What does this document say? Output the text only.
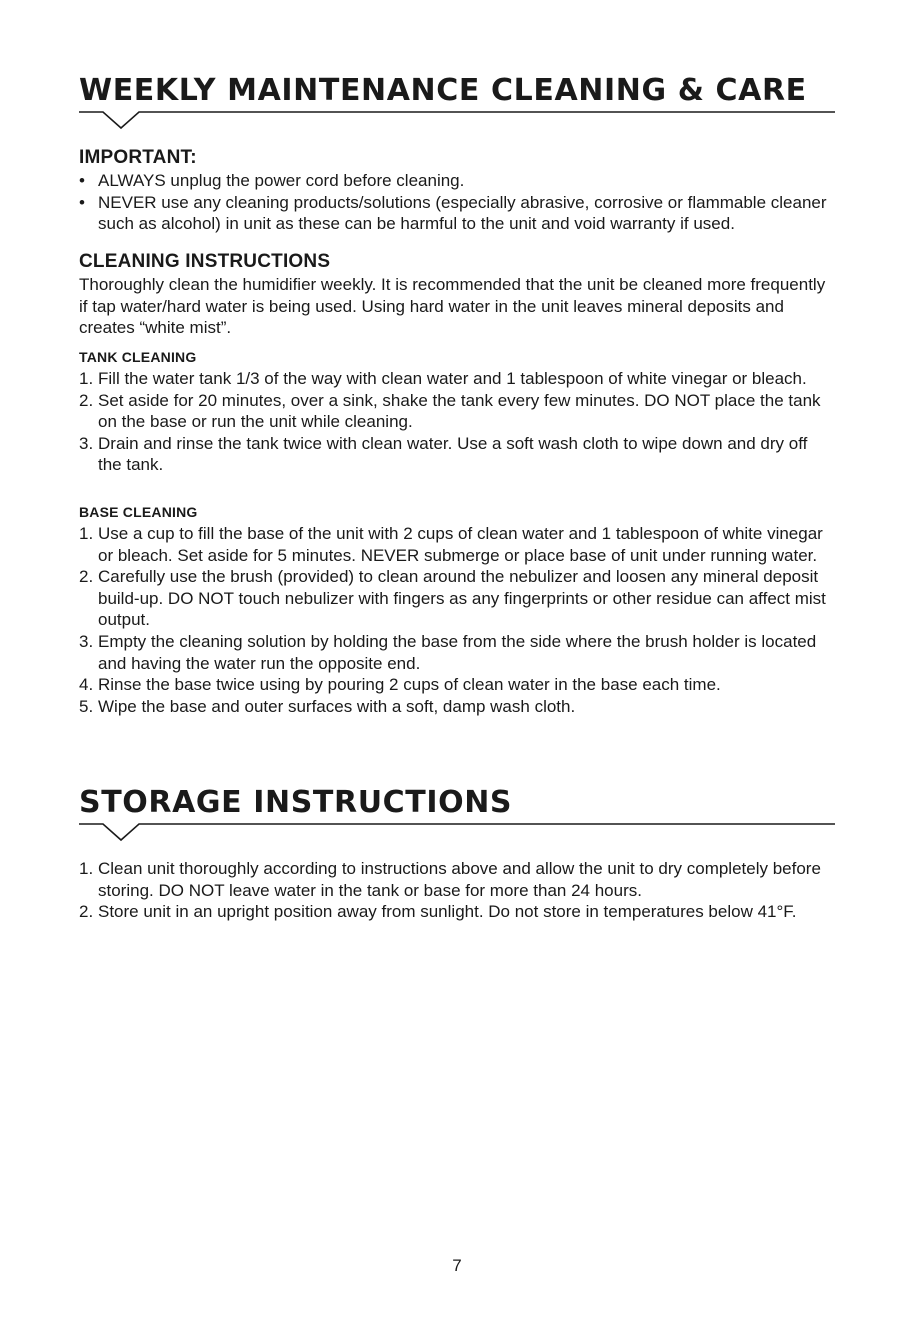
WEEKLY MAINTENANCE CLEANING & CARE
IMPORTANT:
• ALWAYS unplug the power cord before cleaning.
• NEVER use any cleaning products/solutions (especially abrasive, corrosive or flammable cleaner such as alcohol) in unit as these can be harmful to the unit and void warranty if used.
CLEANING INSTRUCTIONS

Thoroughly clean the humidifier weekly. It is recommended that the unit be cleaned more frequently if tap water/hard water is being used. Using hard water in the unit leaves mineral deposits and creates “white mist”.

TANK CLEANING
1. Fill the water tank 1/3 of the way with clean water and 1 tablespoon of white vinegar or bleach.
2. Set aside for 20 minutes, over a sink, shake the tank every few minutes. DO NOT place the tank on the base or run the unit while cleaning.
3. Drain and rinse the tank twice with clean water. Use a soft wash cloth to wipe down and dry off the tank.
BASE CLEANING
1. Use a cup to fill the base of the unit with 2 cups of clean water and 1 tablespoon of white vinegar or bleach. Set aside for 5 minutes. NEVER submerge or place base of unit under running water.
2. Carefully use the brush (provided) to clean around the nebulizer and loosen any mineral deposit build-up. DO NOT touch nebulizer with fingers as any fingerprints or other residue can affect mist output.
3. Empty the cleaning solution by holding the base from the side where the brush holder is located and having the water run the opposite end.
4. Rinse the base twice using by pouring 2 cups of clean water in the base each time.
5. Wipe the base and outer surfaces with a soft, damp wash cloth.
STORAGE INSTRUCTIONS
1. Clean unit thoroughly according to instructions above and allow the unit to dry completely before storing. DO NOT leave water in the tank or base for more than 24 hours.
2. Store unit in an upright position away from sunlight. Do not store in temperatures below 41°F.
7
